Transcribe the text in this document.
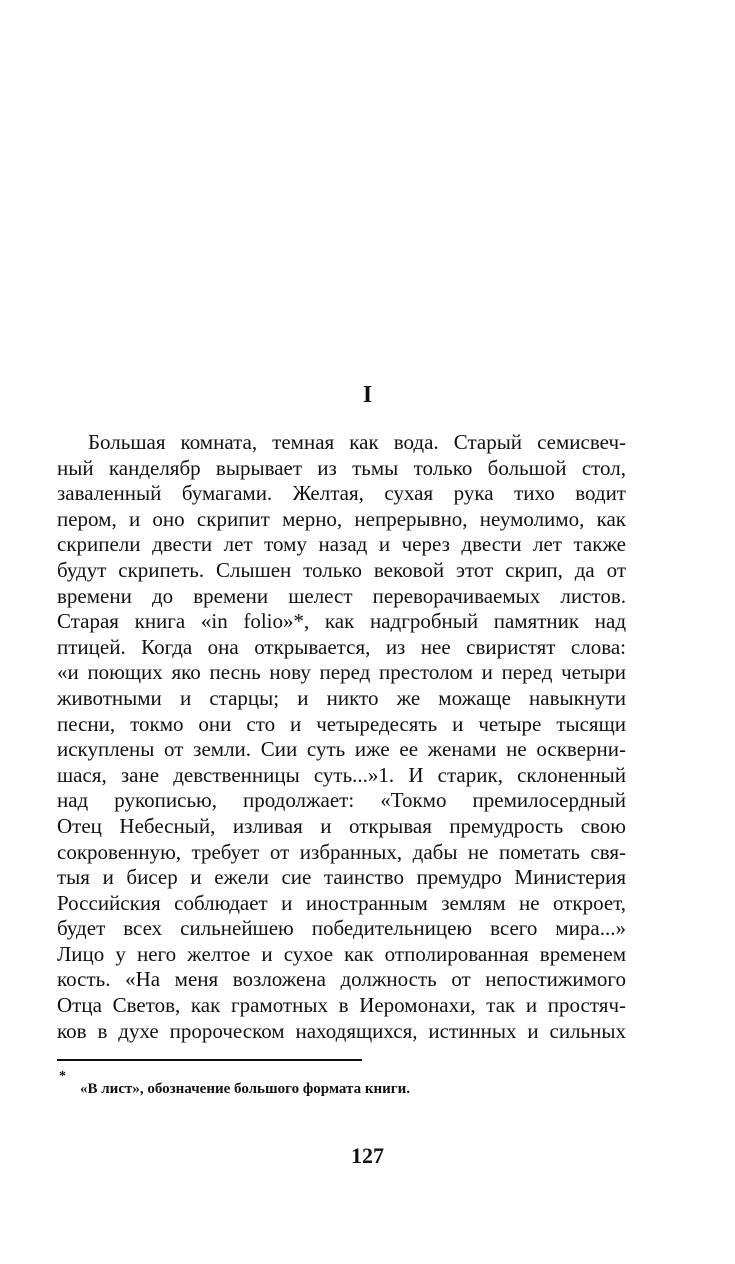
I
Большая комната, темная как вода. Старый семисвеч-
ный канделябр вырывает из тьмы только большой стол,
заваленный бумагами. Желтая, сухая рука тихо водит
пером, и оно скрипит мерно, непрерывно, неумолимо, как
скрипели двести лет тому назад и через двести лет также
будут скрипеть. Слышен только вековой этот скрип, да от
времени до времени шелест переворачиваемых листов.
Старая книга «in folio»*, как надгробный памятник над
птицей. Когда она открывается, из нее свиристят слова:
«и поющих яко песнь нову перед престолом и перед четыри
животными и старцы; и никто же можаще навыкнути
песни, токмо они сто и четыредесять и четыре тысящи
искуплены от земли. Сии суть иже ее женами не оскверни-
шася, зане девственницы суть...»1. И старик, склоненный
над рукописью, продолжает: «Токмо премилосердный
Отец Небесный, изливая и открывая премудрость свою
сокровенную, требует от избранных, дабы не пометать свя-
тыя и бисер и ежели сие таинство премудро Министерия
Российския соблюдает и иностранным землям не откроет,
будет всех сильнейшею победительницею всего мира...»
Лицо у него желтое и сухое как отполированная временем
кость. «На меня возложена должность от непостижимого
Отца Светов, как грамотных в Иеромонахи, так и простяч-
ков в духе пророческом находящихся, истинных и сильных
*
«В лист», обозначение большого формата книги.
127
